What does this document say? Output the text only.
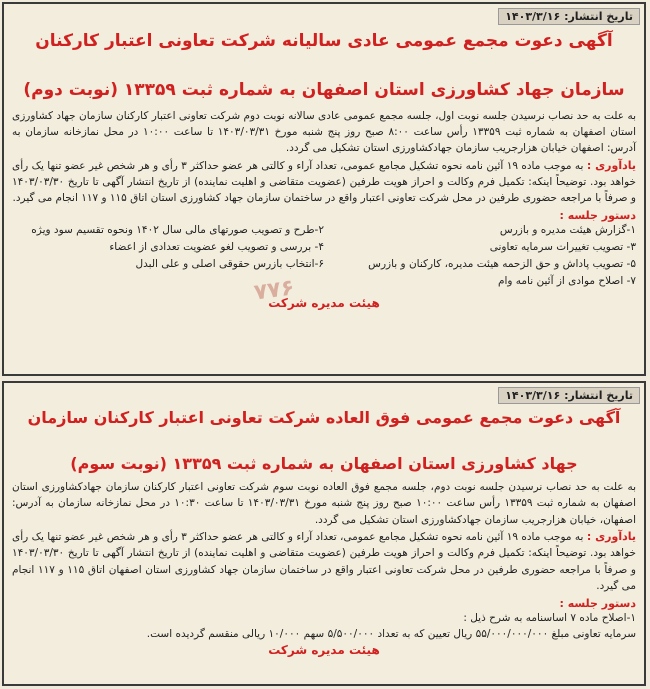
تاریخ انتشار: ۱۴۰۳/۳/۱۶

آگهی دعوت مجمع عمومی عادی سالیانه شرکت تعاونی اعتبار کارکنان

سازمان جهاد کشاورزی استان اصفهان به شماره ثبت ۱۳۳۵۹ (نوبت دوم)

به علت به حد نصاب نرسیدن جلسه نوبت اول، جلسه مجمع عمومی عادی سالانه نوبت دوم شرکت تعاونی اعتبار کارکنان سازمان جهاد کشاورزی استان اصفهان به شماره ثبت ۱۳۳۵۹ رأس ساعت ۸:۰۰ صبح روز پنج شنبه مورخ ۱۴۰۳/۰۳/۳۱ تا ساعت ۱۰:۰۰ در محل نمازخانه سازمان به آدرس: اصفهان خیابان هزارجریب سازمان جهادکشاورزی استان تشکیل می گردد.

یادآوری : به موجب ماده ۱۹ آئین نامه نحوه تشکیل مجامع عمومی، تعداد آراء و کالتی هر عضو حداکثر ۳ رأی و هر شخص غیر عضو تنها یک رأی خواهد بود. توضیحاً اینکه: تکمیل فرم وکالت و احراز هویت طرفین (عضویت متقاضی و اهلیت نماینده) از تاریخ انتشار آگهی تا تاریخ ۱۴۰۳/۰۳/۳۰ و صرفاً با مراجعه حضوری طرفین در محل شرکت تعاونی اعتبار واقع در ساختمان سازمان جهاد کشاورزی استان اتاق ۱۱۵ و ۱۱۷ انجام می گیرد.

دستور جلسه :
۱-گزارش هیئت مدیره و بازرس
۳- تصویب تغییرات سرمایه تعاونی
۵- تصویب پاداش و حق الزحمه هیئت مدیره، کارکنان و بازرس
۷- اصلاح موادی از آئین نامه وام
۲-طرح و تصویب صورتهای مالی سال ۱۴۰۲ ونحوه تقسیم سود ویژه
۴- بررسی و تصویب لغو عضویت تعدادی از اعضاء
۶-انتخاب بازرس حقوقی اصلی و علی البدل
۷۷۶
هیئت مدیره شرکت
تاریخ انتشار: ۱۴۰۳/۳/۱۶

آگهی دعوت مجمع عمومی فوق العاده شرکت تعاونی اعتبار کارکنان سازمان

جهاد کشاورزی استان اصفهان به شماره ثبت ۱۳۳۵۹ (نوبت سوم)

به علت به حد نصاب نرسیدن جلسه نوبت دوم، جلسه مجمع فوق العاده نوبت سوم شرکت تعاونی اعتبار کارکنان سازمان جهادکشاورزی استان اصفهان به شماره ثبت ۱۳۳۵۹ رأس ساعت ۱۰:۰۰ صبح روز پنج شنبه مورخ ۱۴۰۳/۰۳/۳۱ تا ساعت ۱۰:۳۰ در محل نمازخانه سازمان به آدرس: اصفهان، خیابان هزارجریب سازمان جهادکشاورزی استان تشکیل می گردد.

یادآوری : به موجب ماده ۱۹ آئین نامه نحوه تشکیل مجامع عمومی، تعداد آراء و کالتی هر عضو حداکثر ۳ رأی و هر شخص غیر عضو تنها یک رأی خواهد بود. توضیحاً اینکه: تکمیل فرم وکالت و احراز هویت طرفین (عضویت متقاضی و اهلیت نماینده) از تاریخ انتشار آگهی تا تاریخ ۱۴۰۳/۰۳/۳۰ و صرفاً با مراجعه حضوری طرفین در محل شرکت تعاونی اعتبار واقع در ساختمان سازمان جهاد کشاورزی استان اصفهان اتاق ۱۱۵ و ۱۱۷ انجام می گیرد.

دستور جلسه :

۱-اصلاح ماده ۷ اساسنامه به شرح ذیل :

سرمایه تعاونی مبلغ ۵۵/۰۰۰/۰۰۰/۰۰۰ ریال تعیین که به تعداد ۵/۵۰۰/۰۰۰ سهم ۱۰/۰۰۰ ریالی منقسم گردیده است.

هیئت مدیره شرکت
